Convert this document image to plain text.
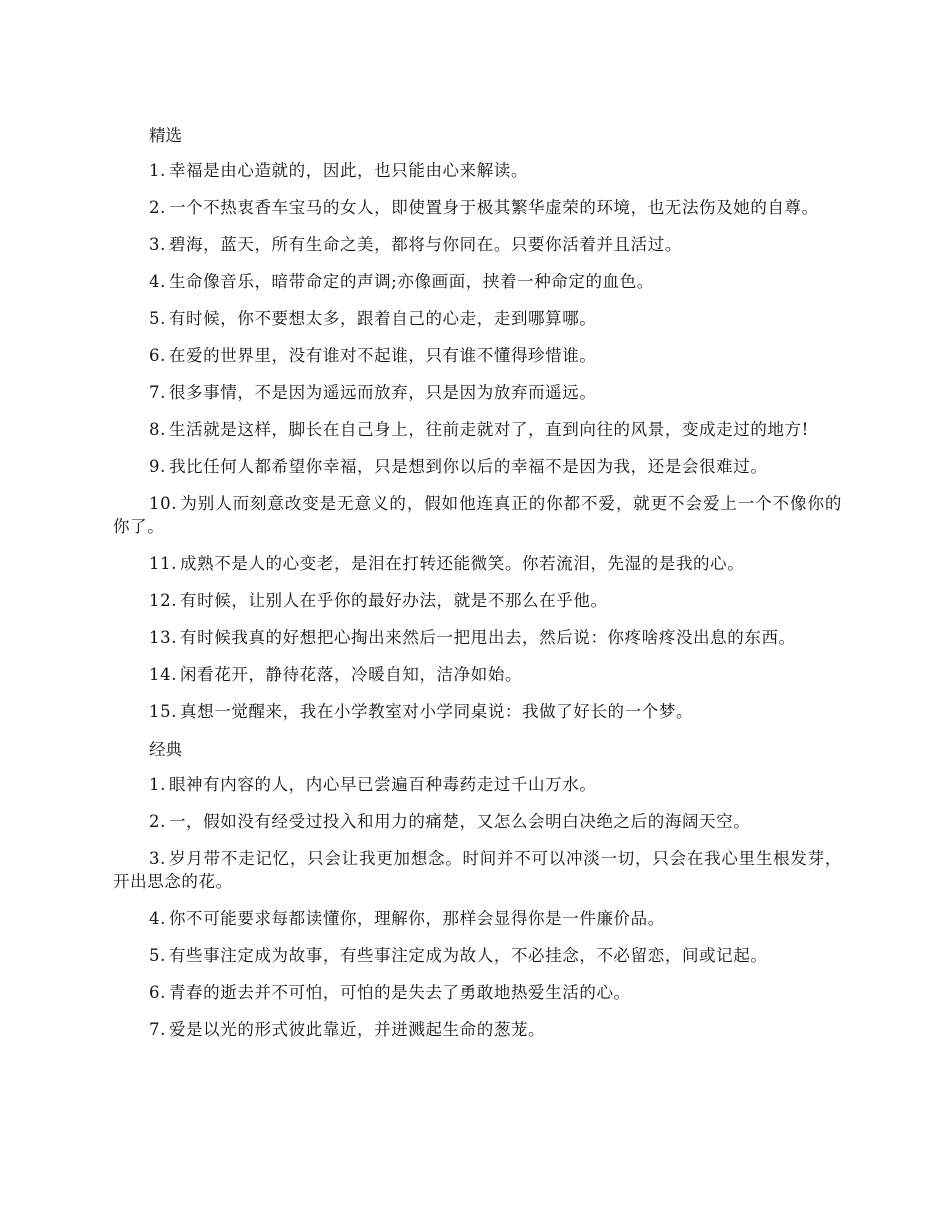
精选

1. 幸福是由心造就的，因此，也只能由心来解读。

2. 一个不热衷香车宝马的女人，即使置身于极其繁华虚荣的环境，也无法伤及她的自尊。

3. 碧海，蓝天，所有生命之美，都将与你同在。只要你活着并且活过。

4. 生命像音乐，暗带命定的声调;亦像画面，挟着一种命定的血色。

5. 有时候，你不要想太多，跟着自己的心走，走到哪算哪。

6. 在爱的世界里，没有谁对不起谁，只有谁不懂得珍惜谁。

7. 很多事情，不是因为遥远而放弃，只是因为放弃而遥远。

8. 生活就是这样，脚长在自己身上，往前走就对了，直到向往的风景，变成走过的地方!

9. 我比任何人都希望你幸福，只是想到你以后的幸福不是因为我，还是会很难过。

10. 为别人而刻意改变是无意义的，假如他连真正的你都不爱，就更不会爱上一个不像你的你了。

11. 成熟不是人的心变老，是泪在打转还能微笑。你若流泪，先湿的是我的心。

12. 有时候，让别人在乎你的最好办法，就是不那么在乎他。

13. 有时候我真的好想把心掏出来然后一把甩出去，然后说：你疼啥疼没出息的东西。

14. 闲看花开，静待花落，冷暖自知，洁净如始。

15. 真想一觉醒来，我在小学教室对小学同桌说：我做了好长的一个梦。

经典

1. 眼神有内容的人，内心早已尝遍百种毒药走过千山万水。

2. 一，假如没有经受过投入和用力的痛楚，又怎么会明白决绝之后的海阔天空。

3. 岁月带不走记忆，只会让我更加想念。时间并不可以冲淡一切，只会在我心里生根发芽，开出思念的花。

4. 你不可能要求每都读懂你，理解你，那样会显得你是一件廉价品。

5. 有些事注定成为故事，有些事注定成为故人，不必挂念，不必留恋，间或记起。

6. 青春的逝去并不可怕，可怕的是失去了勇敢地热爱生活的心。

7. 爱是以光的形式彼此靠近，并迸溅起生命的葱茏。
